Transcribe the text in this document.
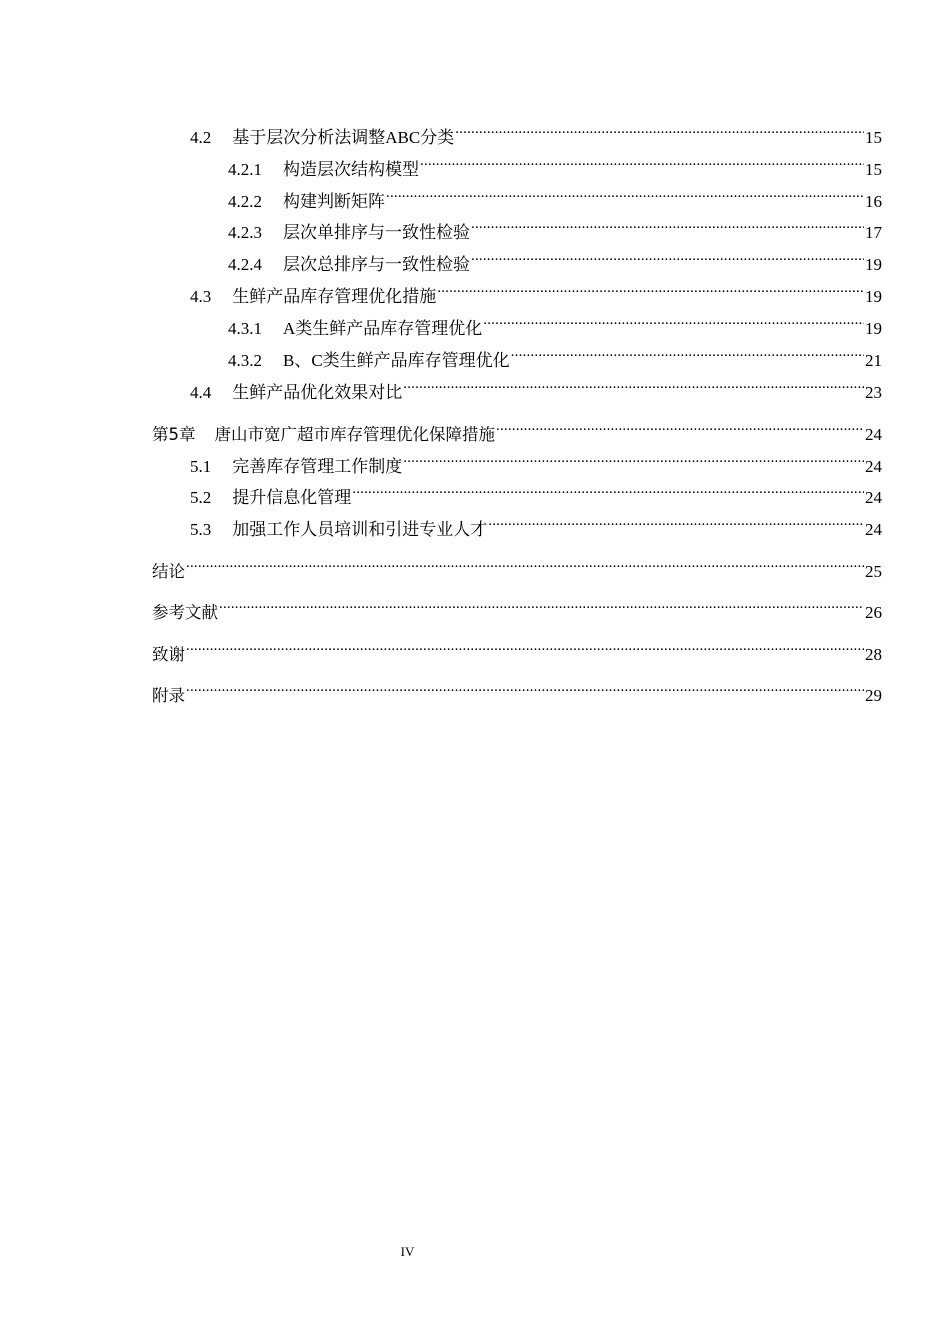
4.2 基于层次分析法调整ABC分类 .....	15
4.2.1 构造层次结构模型 .....	15
4.2.2 构建判断矩阵 .....	16
4.2.3 层次单排序与一致性检验 .....	17
4.2.4 层次总排序与一致性检验 .....	19
4.3 生鲜产品库存管理优化措施 .....	19
4.3.1 A类生鲜产品库存管理优化 .....	19
4.3.2 B、C类生鲜产品库存管理优化 .....	21
4.4 生鲜产品优化效果对比 .....	23
第5章 唐山市宽广超市库存管理优化保障措施 .....	24
5.1 完善库存管理工作制度 .....	24
5.2 提升信息化管理 .....	24
5.3 加强工作人员培训和引进专业人才 .....	24
结论 .....	25
参考文献 .....	26
致谢 .....	28
附录 .....	29
IV
